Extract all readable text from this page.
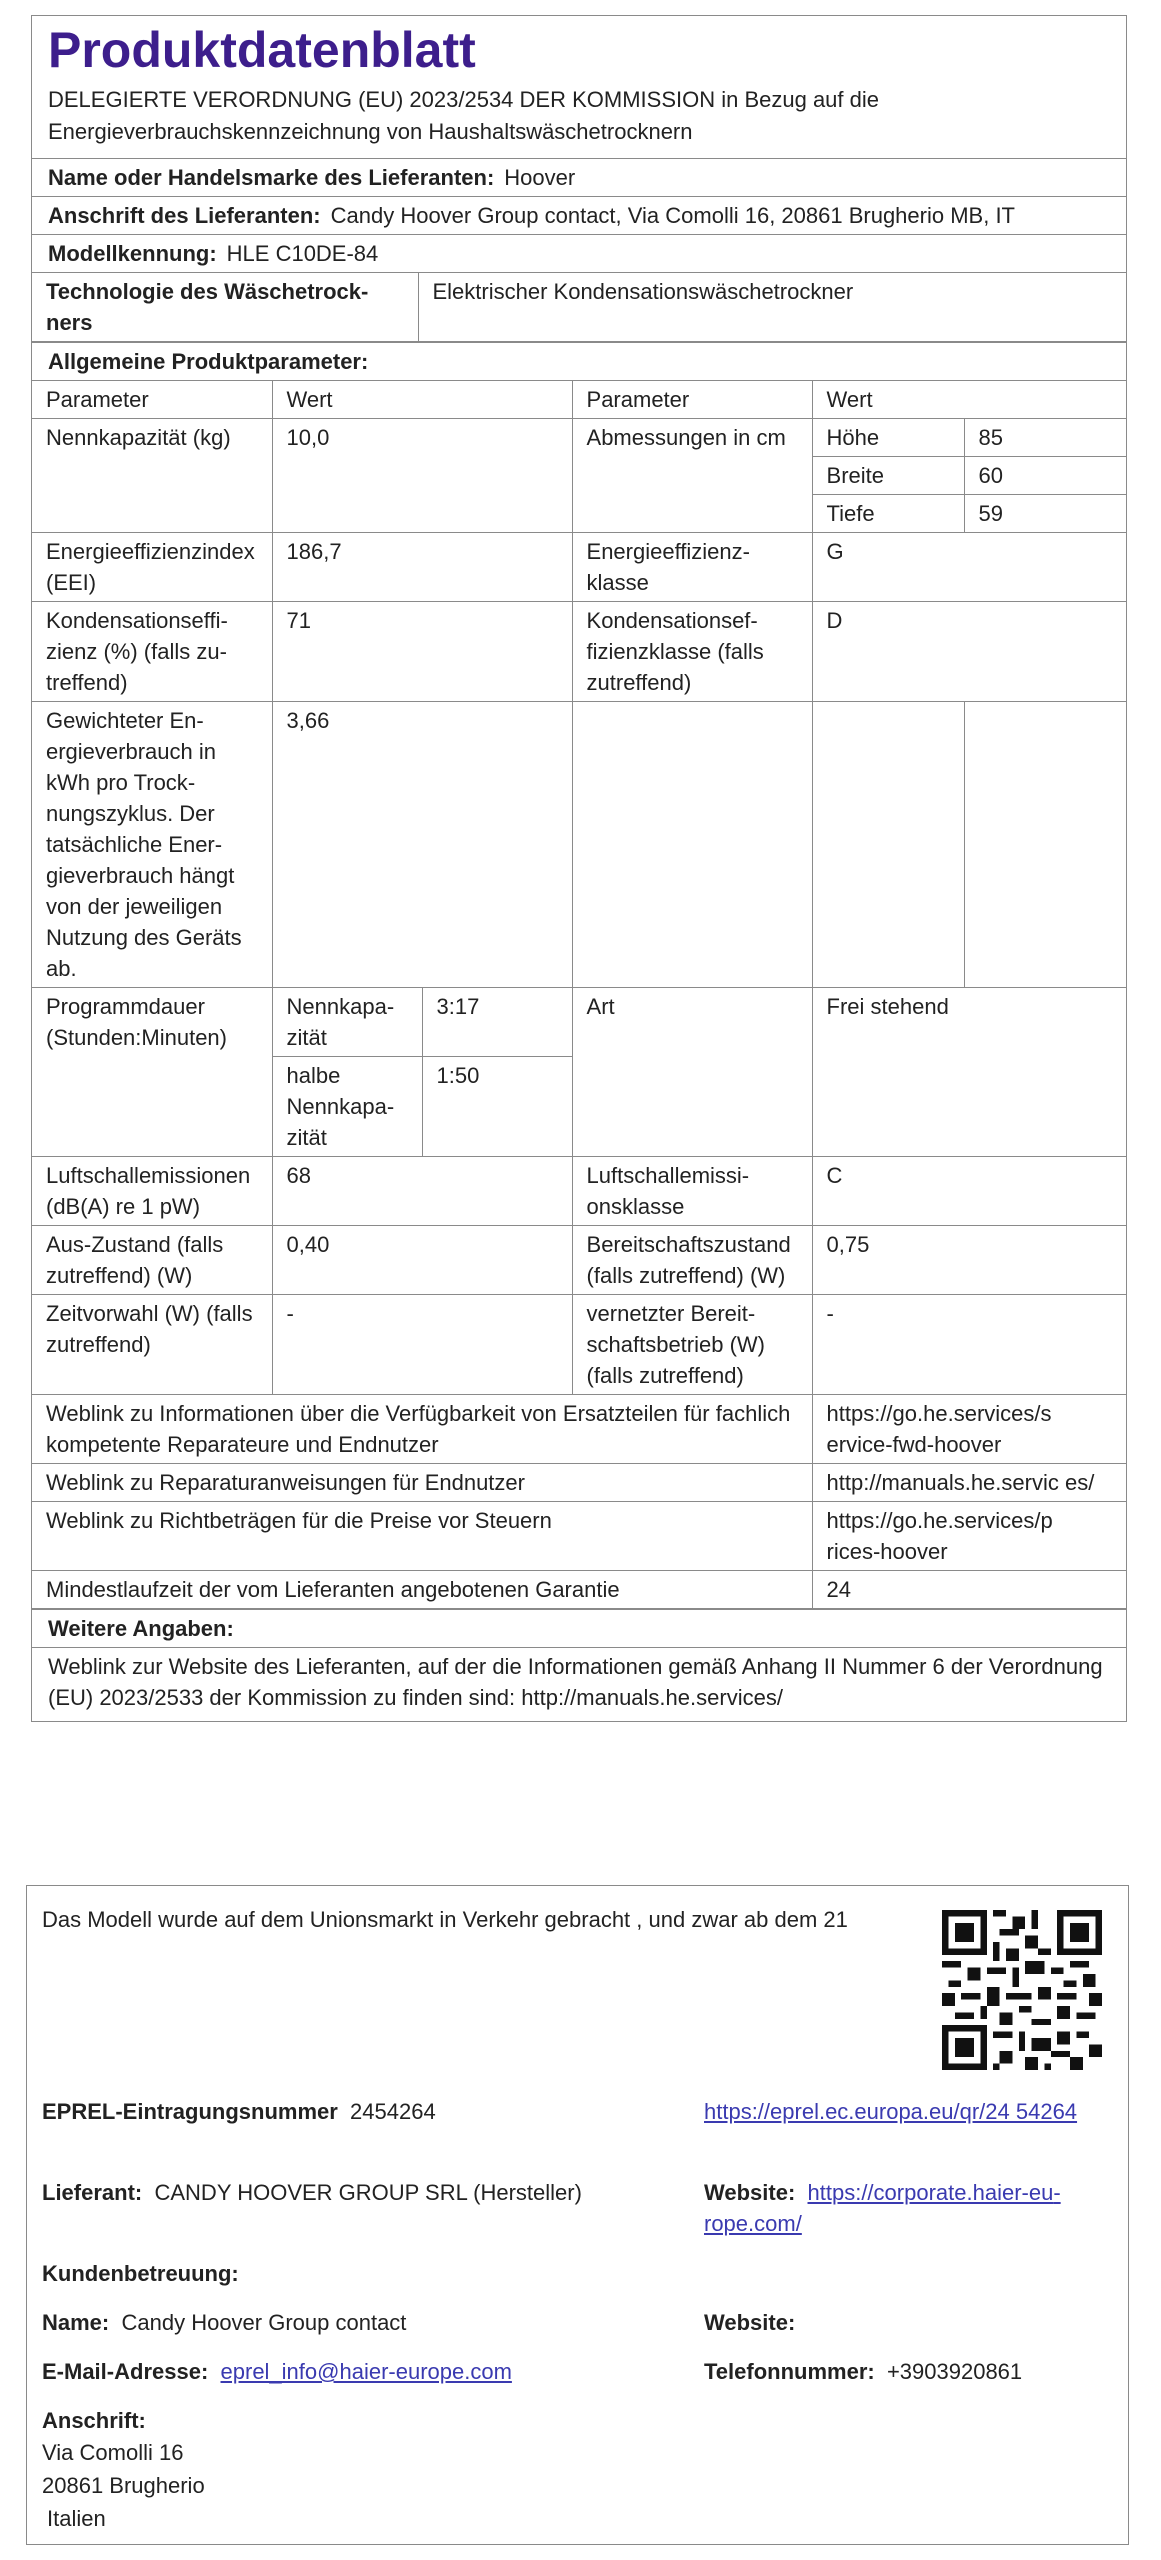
Produktdatenblatt
DELEGIERTE VERORDNUNG (EU) 2023/2534 DER KOMMISSION in Bezug auf die Energieverbrauchskennzeichnung von Haushaltswäschetrocknern
Name oder Handelsmarke des Lieferanten: Hoover
Anschrift des Lieferanten: Candy Hoover Group contact, Via Comolli 16, 20861 Brugherio MB, IT
Modellkennung: HLE C10DE-84
Technologie des Wäschetrockners	Elektrischer Kondensationswäschetrockner
Allgemeine Produktparameter:
Parameter	Wert		Parameter	Wert	
Nennkapazität (kg)	10,0		Abmessungen in cm	Höhe	85
				Breite	60
				Tiefe	59
Energieeffizienzindex (EEI)	186,7		Energieeffizienzklasse	G	
Kondensationseffizienz (%) (falls zutreffend)	71		Kondensationseffizienzklasse (falls zutreffend)	D	
Gewichteter Energieverbrauch in kWh pro Trocknungszyklus. Der tatsächliche Energieverbrauch hängt von der jeweiligen Nutzung des Geräts ab.	3,66				
Programmdauer (Stunden:Minuten)	Nennkapazität	3:17	Art	Frei stehend	
	halbe Nennkapazität	1:50			
Luftschallemissionen (dB(A) re 1 pW)	68		Luftschallemissionsklasse	C	
Aus-Zustand (falls zutreffend) (W)	0,40		Bereitschaftszustand (falls zutreffend) (W)	0,75	
Zeitvorwahl (W) (falls zutreffend)	-		vernetzter Bereitschaftsbetrieb (W) (falls zutreffend)	-	
Weblink zu Informationen über die Verfügbarkeit von Ersatzteilen für fachlich kompetente Reparateure und Endnutzer				https://go.he.services/s ervice-fwd-hoover	
Weblink zu Reparaturanweisungen für Endnutzer				http://manuals.he.servic es/	
Weblink zu Richtbeträgen für die Preise vor Steuern				https://go.he.services/p rices-hoover	
Mindestlaufzeit der vom Lieferanten angebotenen Garantie				24	
Weitere Angaben:
Weblink zur Website des Lieferanten, auf der die Informationen gemäß Anhang II Nummer 6 der Verordnung (EU) 2023/2533 der Kommission zu finden sind: http://manuals.he.services/
Das Modell wurde auf dem Unionsmarkt in Verkehr gebracht , und zwar ab dem 21
EPREL-Eintragungsnummer 2454264	https://eprel.ec.europa.eu/qr/24 54264
Lieferant: CANDY HOOVER GROUP SRL (Hersteller)	Website: https://corporate.haier-europe.com/
Kundenbetreuung:
Name: Candy Hoover Group contact	Website:
E-Mail-Adresse: eprel_info@haier-europe.com	Telefonnummer: +3903920861
Anschrift:
Via Comolli 16
20861 Brugherio
Italien
